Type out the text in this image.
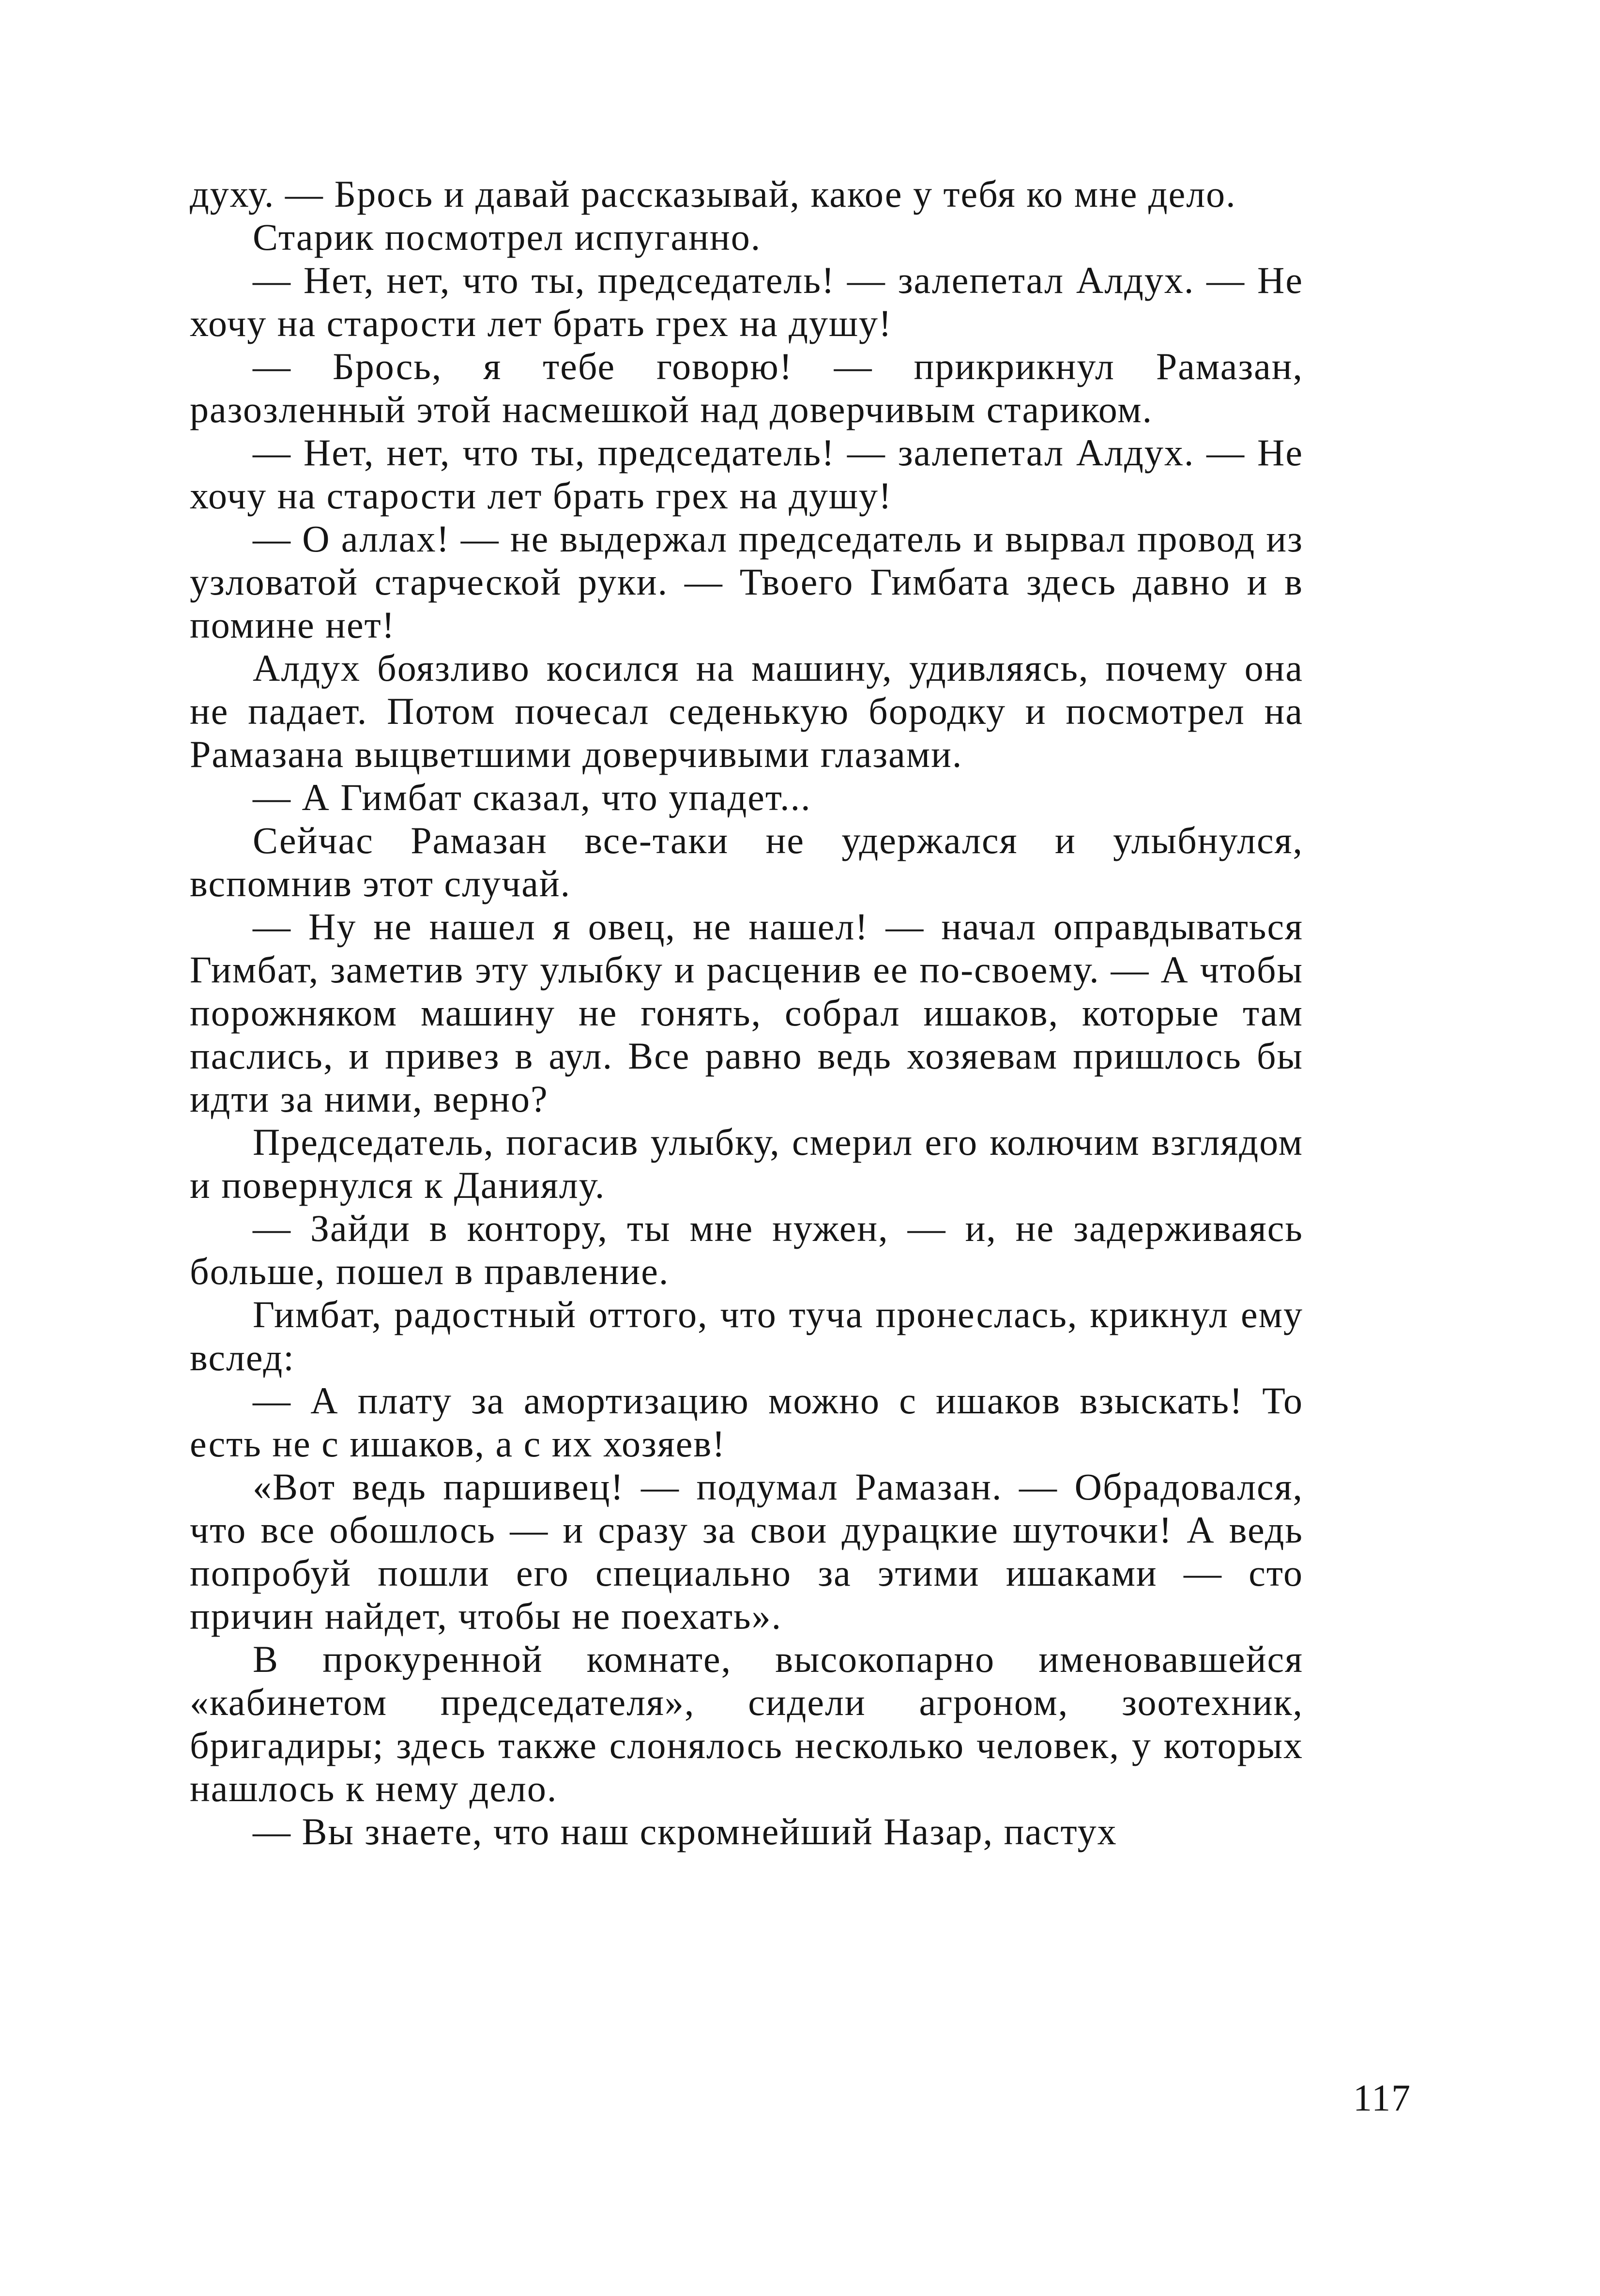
духу. — Брось и давай рассказывай, какое у тебя ко мне дело.

Старик посмотрел испуганно.

— Нет, нет, что ты, председатель! — залепетал Алдух. — Не хочу на старости лет брать грех на душу!

— Брось, я тебе говорю! — прикрикнул Рамазан, разозленный этой насмешкой над доверчивым стариком.

— Нет, нет, что ты, председатель! — залепетал Алдух. — Не хочу на старости лет брать грех на душу!

— О аллах! — не выдержал председатель и вырвал провод из узловатой старческой руки. — Твоего Гимбата здесь давно и в помине нет!

Алдух боязливо косился на машину, удивляясь, почему она не падает. Потом почесал седенькую бородку и посмотрел на Рамазана выцветшими доверчивыми глазами.

— А Гимбат сказал, что упадет...

Сейчас Рамазан все-таки не удержался и улыбнулся, вспомнив этот случай.

— Ну не нашел я овец, не нашел! — начал оправдываться Гимбат, заметив эту улыбку и расценив ее по-своему. — А чтобы порожняком машину не гонять, собрал ишаков, которые там паслись, и привез в аул. Все равно ведь хозяевам пришлось бы идти за ними, верно?

Председатель, погасив улыбку, смерил его колючим взглядом и повернулся к Даниялу.

— Зайди в контору, ты мне нужен, — и, не задерживаясь больше, пошел в правление.

Гимбат, радостный оттого, что туча пронеслась, крикнул ему вслед:

— А плату за амортизацию можно с ишаков взыскать! То есть не с ишаков, а с их хозяев!

«Вот ведь паршивец! — подумал Рамазан. — Обрадовался, что все обошлось — и сразу за свои дурацкие шуточки! А ведь попробуй пошли его специально за этими ишаками — сто причин найдет, чтобы не поехать».

В прокуренной комнате, высокопарно именовавшейся «кабинетом председателя», сидели агроном, зоотехник, бригадиры; здесь также слонялось несколько человек, у которых нашлось к нему дело.

— Вы знаете, что наш скромнейший Назар, пастух

117
